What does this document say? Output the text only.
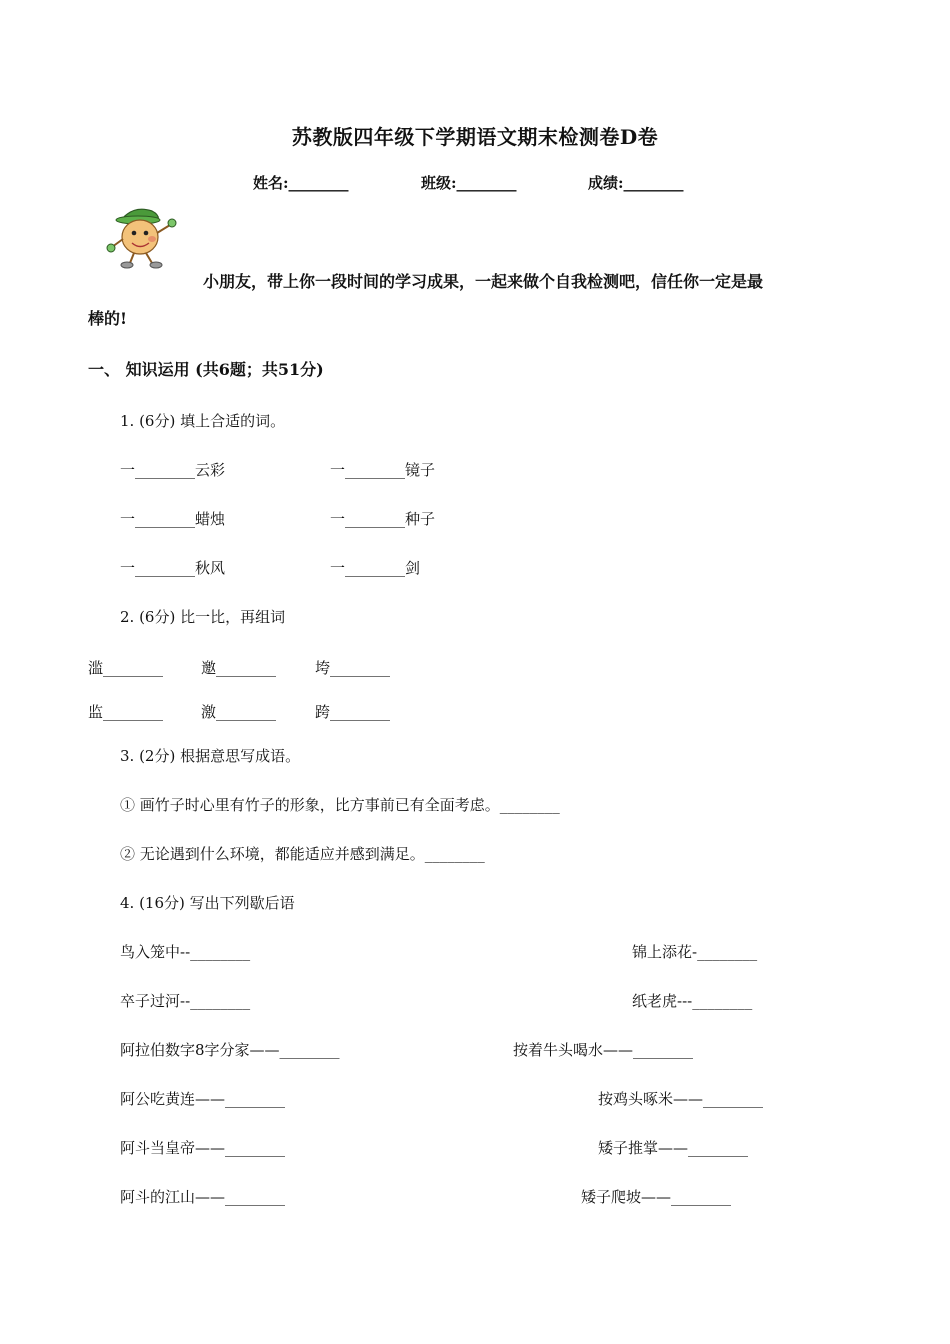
苏教版四年级下学期语文期末检测卷D卷
姓名:________	班级:________	成绩:________
小朋友，带上你一段时间的学习成果，一起来做个自我检测吧，信任你一定是最
棒的!
一、 知识运用 (共6题；共51分)
1. (6分) 填上合适的词。
一________云彩	一________镜子
一________蜡烛	一________种子
一________秋风	一________剑
2. (6分) 比一比，再组词
滥________	邀________	垮________
监________	激________	跨________
3. (2分) 根据意思写成语。
① 画竹子时心里有竹子的形象，比方事前已有全面考虑。________
② 无论遇到什么环境，都能适应并感到满足。________
4. (16分) 写出下列歇后语
鸟入笼中--________	锦上添花-________
卒子过河--________	纸老虎---________
阿拉伯数字8字分家——________	按着牛头喝水——________
阿公吃黄连——________	按鸡头啄米——________
阿斗当皇帝——________	矮子推掌——________
阿斗的江山——________	矮子爬坡——________
